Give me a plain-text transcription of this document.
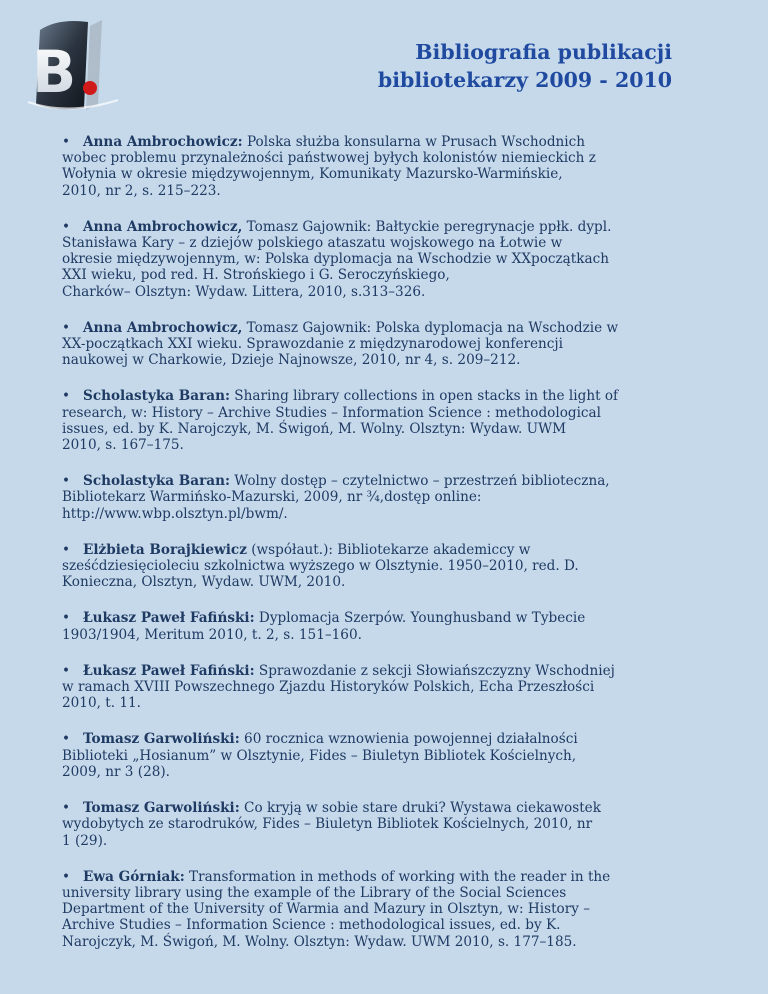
B	Bibliografia publikacji
bibliotekarzy 2009 - 2010
• Anna Ambrochowicz: Polska służba konsularna w Prusach Wschodnich
wobec problemu przynależności państwowej byłych kolonistów niemieckich z
Wołynia w okresie międzywojennym, Komunikaty Mazursko-Warmińskie,
2010, nr 2, s. 215–223.
• Anna Ambrochowicz, Tomasz Gajownik: Bałtyckie peregrynacje ppłk. dypl.
Stanisława Kary – z dziejów polskiego ataszatu wojskowego na Łotwie w
okresie międzywojennym, w: Polska dyplomacja na Wschodzie w XXpoczątkach
XXI wieku, pod red. H. Strońskiego i G. Seroczyńskiego,
Charków– Olsztyn: Wydaw. Littera, 2010, s.313–326.
• Anna Ambrochowicz, Tomasz Gajownik: Polska dyplomacja na Wschodzie w
XX-początkach XXI wieku. Sprawozdanie z międzynarodowej konferencji
naukowej w Charkowie, Dzieje Najnowsze, 2010, nr 4, s. 209–212.
• Scholastyka Baran: Sharing library collections in open stacks in the light of
research, w: History – Archive Studies – Information Science : methodological
issues, ed. by K. Narojczyk, M. Świgoń, M. Wolny. Olsztyn: Wydaw. UWM
2010, s. 167–175.
• Scholastyka Baran: Wolny dostęp – czytelnictwo – przestrzeń biblioteczna,
Bibliotekarz Warmińsko-Mazurski, 2009, nr ¾,dostęp online:
http://www.wbp.olsztyn.pl/bwm/.
• Elżbieta Borajkiewicz (współaut.): Bibliotekarze akademiccy w
sześćdziesięcioleciu szkolnictwa wyższego w Olsztynie. 1950–2010, red. D.
Konieczna, Olsztyn, Wydaw. UWM, 2010.
• Łukasz Paweł Fafiński: Dyplomacja Szerpów. Younghusband w Tybecie
1903/1904, Meritum 2010, t. 2, s. 151–160.
• Łukasz Paweł Fafiński: Sprawozdanie z sekcji Słowiańszczyzny Wschodniej
w ramach XVIII Powszechnego Zjazdu Historyków Polskich, Echa Przeszłości
2010, t. 11.
• Tomasz Garwoliński: 60 rocznica wznowienia powojennej działalności
Biblioteki „Hosianum” w Olsztynie, Fides – Biuletyn Bibliotek Kościelnych,
2009, nr 3 (28).
• Tomasz Garwoliński: Co kryją w sobie stare druki? Wystawa ciekawostek
wydobytych ze starodruków, Fides – Biuletyn Bibliotek Kościelnych, 2010, nr
1 (29).
• Ewa Górniak: Transformation in methods of working with the reader in the
university library using the example of the Library of the Social Sciences
Department of the University of Warmia and Mazury in Olsztyn, w: History –
Archive Studies – Information Science : methodological issues, ed. by K.
Narojczyk, M. Świgoń, M. Wolny. Olsztyn: Wydaw. UWM 2010, s. 177–185.
